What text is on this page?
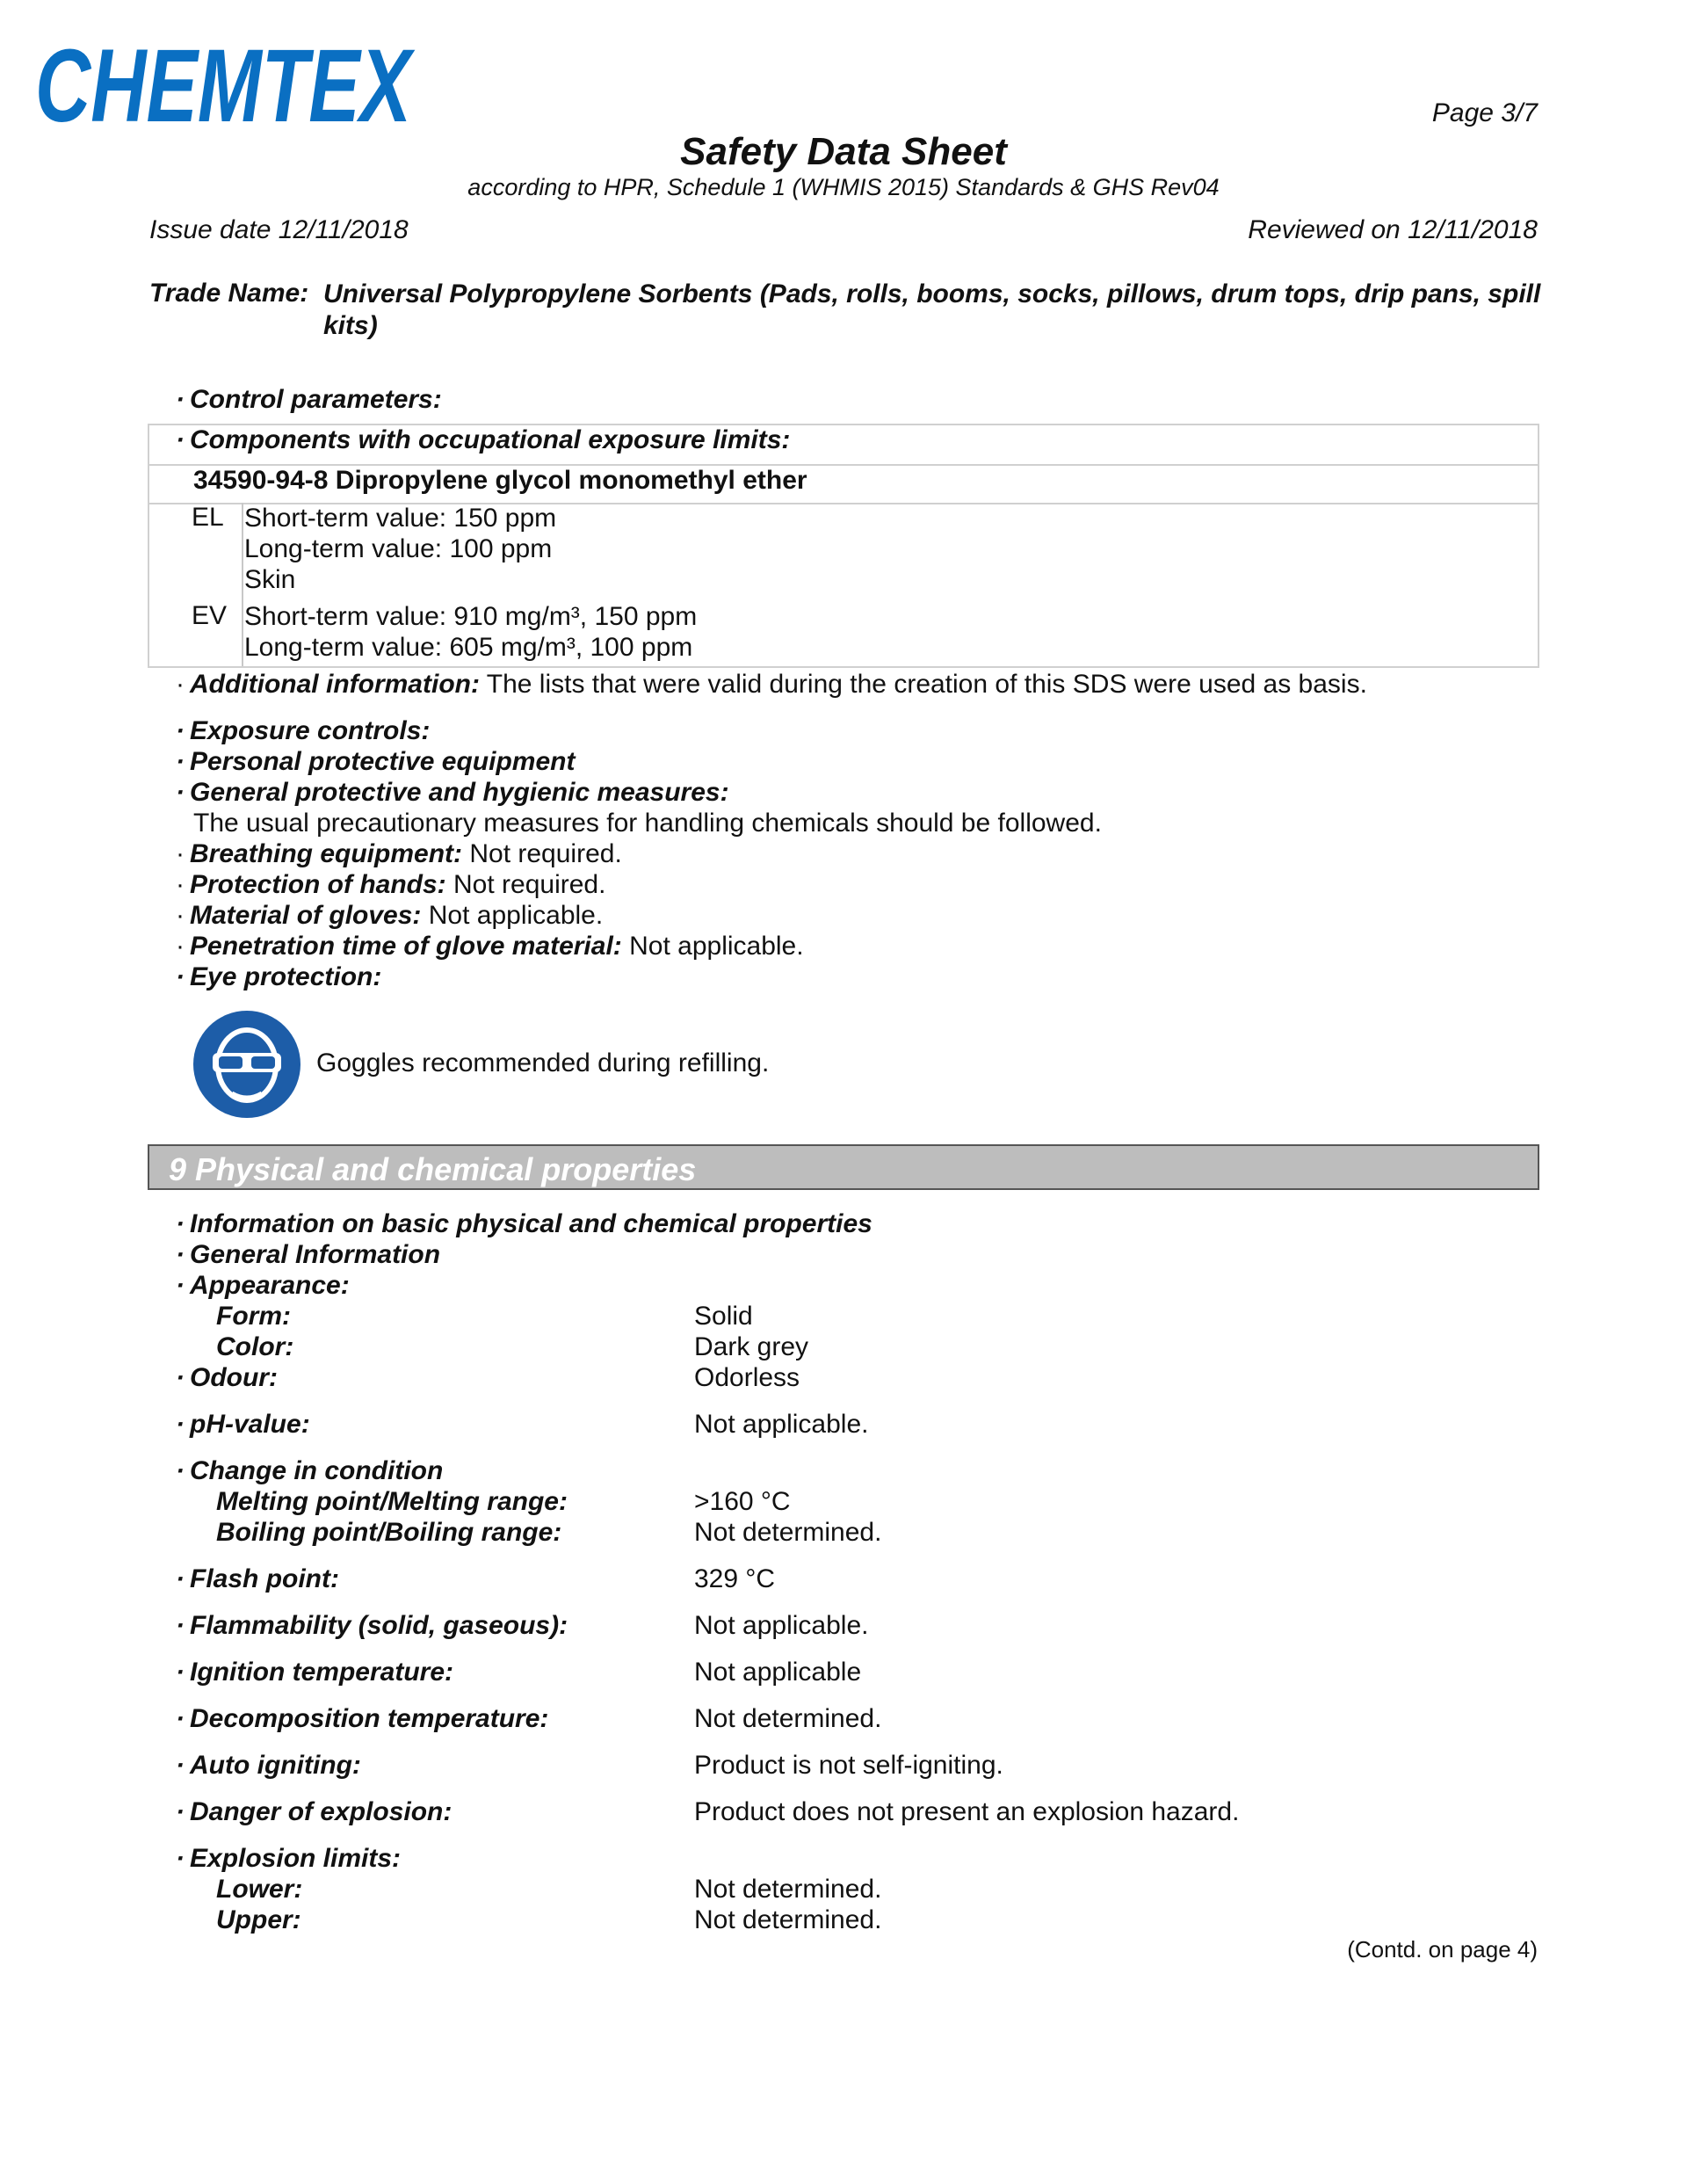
CHEMTEX	Page 3/7
Safety Data Sheet
according to HPR, Schedule 1 (WHMIS 2015) Standards & GHS Rev04
Issue date 12/11/2018	Reviewed on 12/11/2018
Trade Name: Universal Polypropylene Sorbents (Pads, rolls, booms, socks, pillows, drum tops, drip pans, spill kits)
· Control parameters:
· Components with occupational exposure limits:
34590-94-8 Dipropylene glycol monomethyl ether
EL Short-term value: 150 ppm
Long-term value: 100 ppm
Skin
EV Short-term value: 910 mg/m³, 150 ppm
Long-term value: 605 mg/m³, 100 ppm
· Additional information: The lists that were valid during the creation of this SDS were used as basis.
· Exposure controls:
· Personal protective equipment
· General protective and hygienic measures:
The usual precautionary measures for handling chemicals should be followed.
· Breathing equipment: Not required.
· Protection of hands: Not required.
· Material of gloves: Not applicable.
· Penetration time of glove material: Not applicable.
· Eye protection:
Goggles recommended during refilling.
9 Physical and chemical properties
· Information on basic physical and chemical properties
· General Information
· Appearance:
Form:	Solid
Color:	Dark grey
· Odour:	Odorless
· pH-value:	Not applicable.
· Change in condition
Melting point/Melting range:	>160 °C
Boiling point/Boiling range:	Not determined.
· Flash point:	329 °C
· Flammability (solid, gaseous):	Not applicable.
· Ignition temperature:	Not applicable
· Decomposition temperature:	Not determined.
· Auto igniting:	Product is not self-igniting.
· Danger of explosion:	Product does not present an explosion hazard.
· Explosion limits:
Lower:	Not determined.
Upper:	Not determined.
(Contd. on page 4)
